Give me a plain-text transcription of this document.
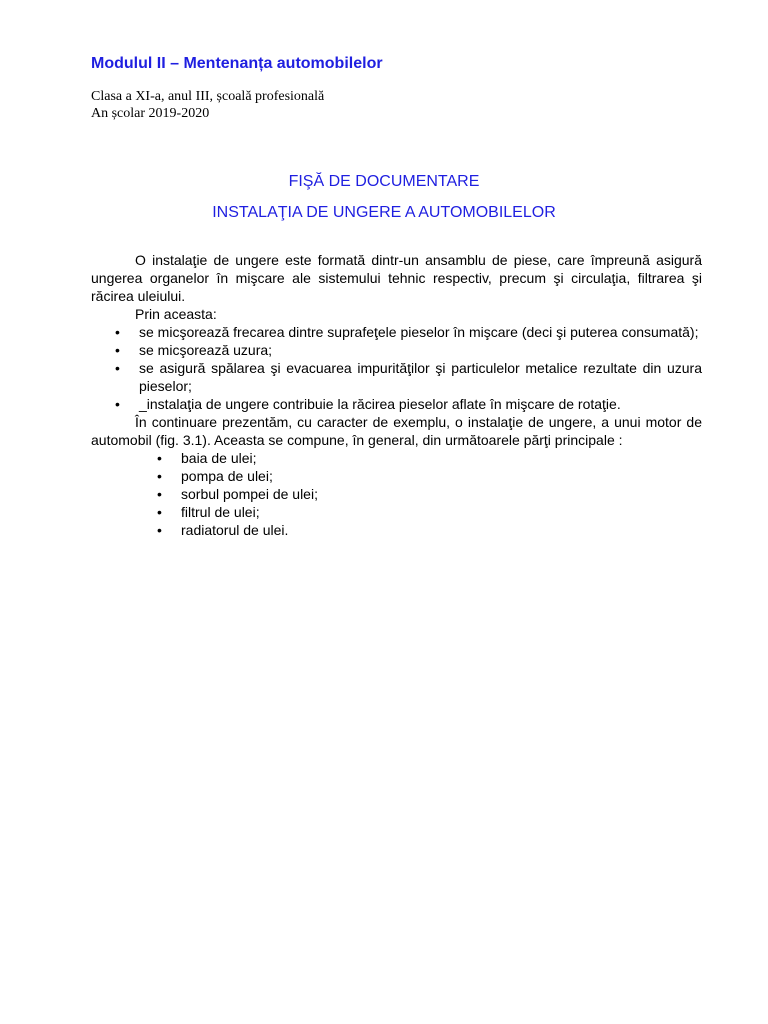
Modulul II – Mentenanța automobilelor
Clasa a XI-a, anul III, școală profesională
An școlar 2019-2020
FIŞĂ DE DOCUMENTARE
INSTALAŢIA DE UNGERE A AUTOMOBILELOR

O instalaţie de ungere este formată dintr-un ansamblu de piese, care împreună asigură ungerea organelor în mişcare ale sistemului tehnic respectiv, precum şi circulaţia, filtrarea şi răcirea uleiului.

Prin aceasta:

• se micşorează frecarea dintre suprafeţele pieselor în mişcare (deci şi puterea consumată);
• se micşorează uzura;
• se asigură spălarea şi evacuarea impurităţilor şi particulelor metalice rezultate din uzura pieselor;
• _instalaţia de ungere contribuie la răcirea pieselor aflate în mişcare de rotaţie.

În continuare prezentăm, cu caracter de exemplu, o instalaţie de ungere, a unui motor de automobil (fig. 3.1). Aceasta se compune, în general, din următoarele părţi principale :

• baia de ulei;
• pompa de ulei;
• sorbul pompei de ulei;
• filtrul de ulei;
• radiatorul de ulei.
